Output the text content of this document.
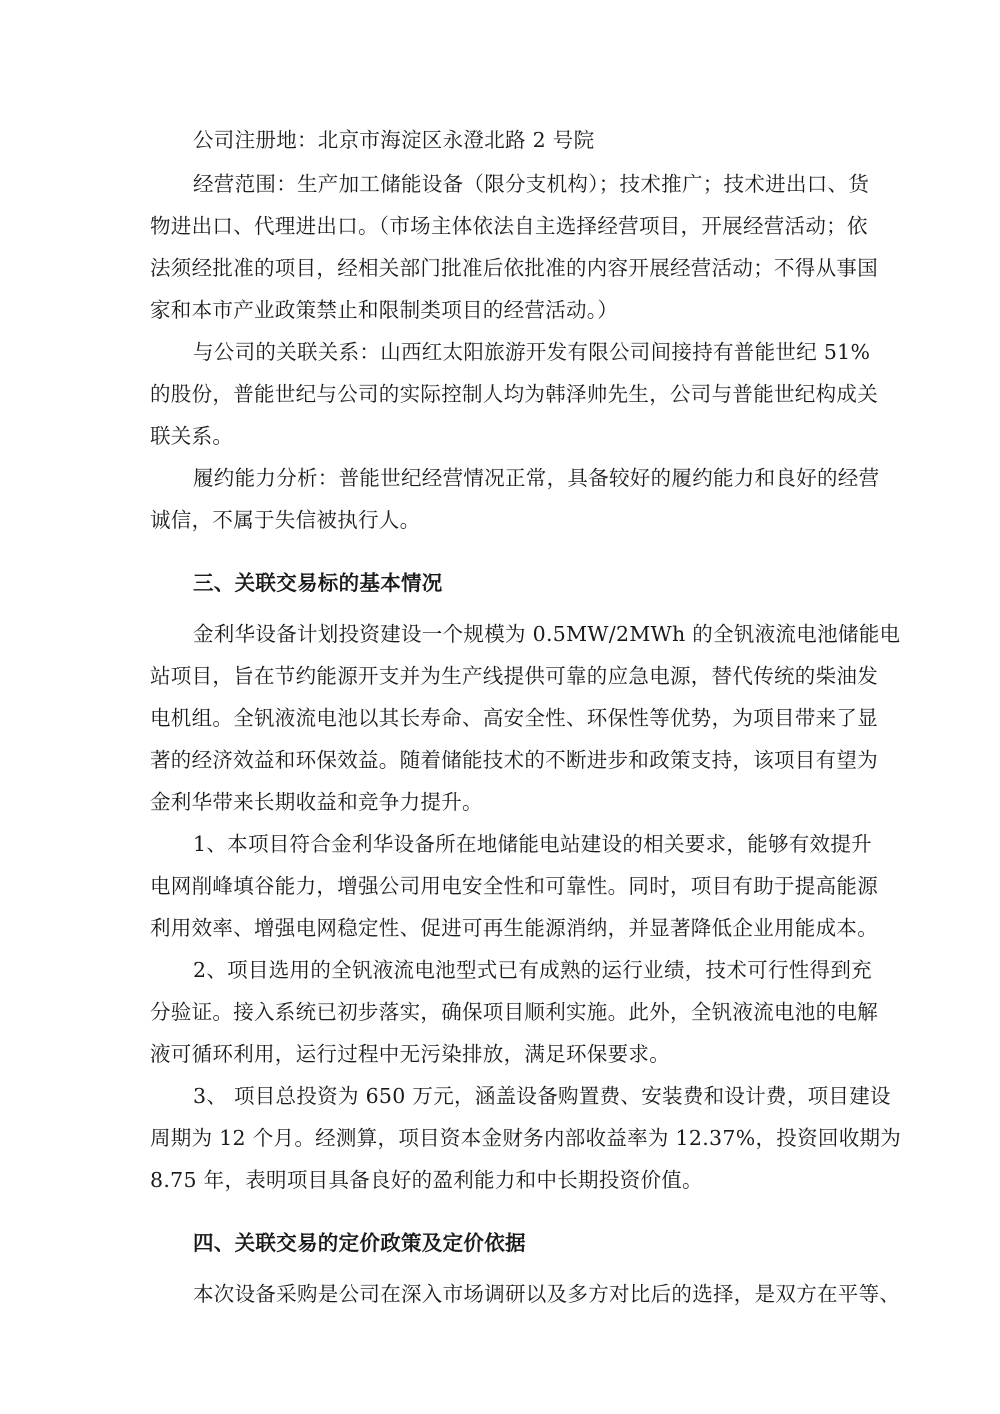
公司注册地：北京市海淀区永澄北路 2 号院
经营范围：生产加工储能设备（限分支机构）；技术推广；技术进出口、货
物进出口、代理进出口。（市场主体依法自主选择经营项目，开展经营活动；依
法须经批准的项目，经相关部门批准后依批准的内容开展经营活动；不得从事国
家和本市产业政策禁止和限制类项目的经营活动。）
与公司的关联关系：山西红太阳旅游开发有限公司间接持有普能世纪 51%
的股份，普能世纪与公司的实际控制人均为韩泽帅先生，公司与普能世纪构成关
联关系。
履约能力分析：普能世纪经营情况正常，具备较好的履约能力和良好的经营
诚信，不属于失信被执行人。
三、关联交易标的基本情况
金利华设备计划投资建设一个规模为 0.5MW/2MWh 的全钒液流电池储能电
站项目，旨在节约能源开支并为生产线提供可靠的应急电源，替代传统的柴油发
电机组。全钒液流电池以其长寿命、高安全性、环保性等优势，为项目带来了显
著的经济效益和环保效益。随着储能技术的不断进步和政策支持，该项目有望为
金利华带来长期收益和竞争力提升。
1、本项目符合金利华设备所在地储能电站建设的相关要求，能够有效提升
电网削峰填谷能力，增强公司用电安全性和可靠性。同时，项目有助于提高能源
利用效率、增强电网稳定性、促进可再生能源消纳，并显著降低企业用能成本。
2、项目选用的全钒液流电池型式已有成熟的运行业绩，技术可行性得到充
分验证。接入系统已初步落实，确保项目顺利实施。此外，全钒液流电池的电解
液可循环利用，运行过程中无污染排放，满足环保要求。
3、 项目总投资为 650 万元，涵盖设备购置费、安装费和设计费，项目建设
周期为 12 个月。经测算，项目资本金财务内部收益率为 12.37%，投资回收期为
8.75 年，表明项目具备良好的盈利能力和中长期投资价值。
四、关联交易的定价政策及定价依据
本次设备采购是公司在深入市场调研以及多方对比后的选择，是双方在平等、
